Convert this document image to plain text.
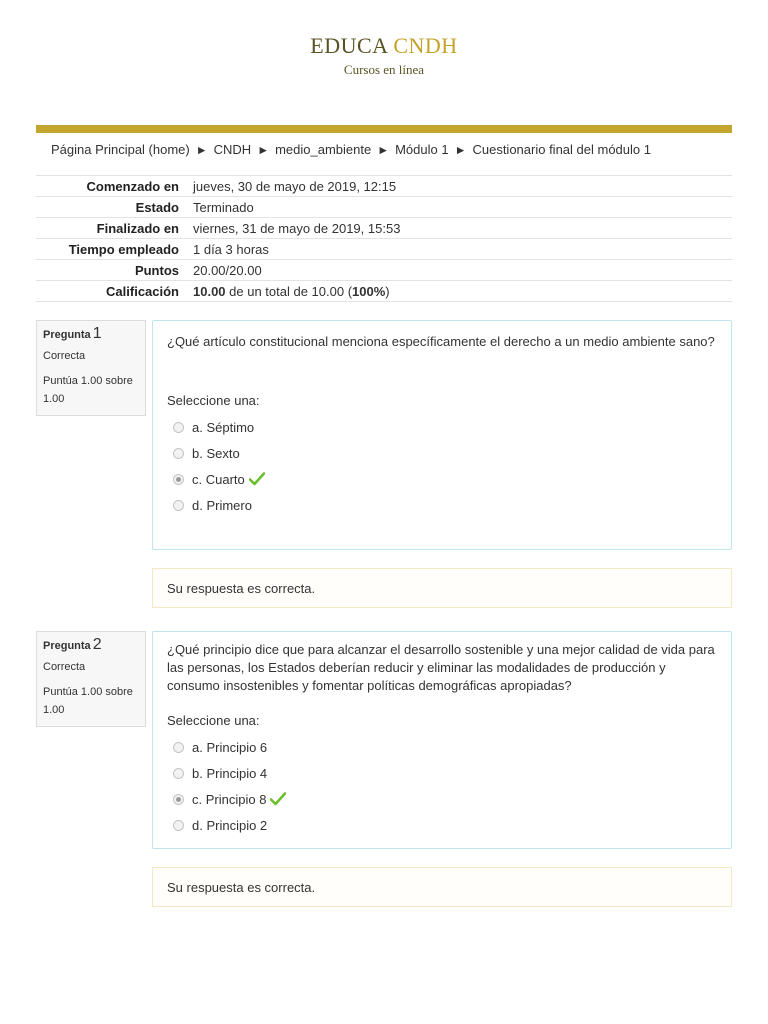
EDUCA CNDH
Cursos en línea
Página Principal (home) ► CNDH ► medio_ambiente ► Módulo 1 ► Cuestionario final del módulo 1
Comenzado en	jueves, 30 de mayo de 2019, 12:15
Estado	Terminado
Finalizado en	viernes, 31 de mayo de 2019, 15:53
Tiempo empleado	1 día 3 horas
Puntos	20.00/20.00
Calificación	10.00 de un total de 10.00 (100%)
Pregunta 1
Correcta
Puntúa 1.00 sobre 1.00
¿Qué artículo constitucional menciona específicamente el derecho a un medio ambiente sano?
Seleccione una:
a. Séptimo
b. Sexto
c. Cuarto
d. Primero
Su respuesta es correcta.
Pregunta 2
Correcta
Puntúa 1.00 sobre 1.00
¿Qué principio dice que para alcanzar el desarrollo sostenible y una mejor calidad de vida para las personas, los Estados deberían reducir y eliminar las modalidades de producción y consumo insostenibles y fomentar políticas demográficas apropiadas?
Seleccione una:
a. Principio 6
b. Principio 4
c. Principio 8
d. Principio 2
Su respuesta es correcta.
